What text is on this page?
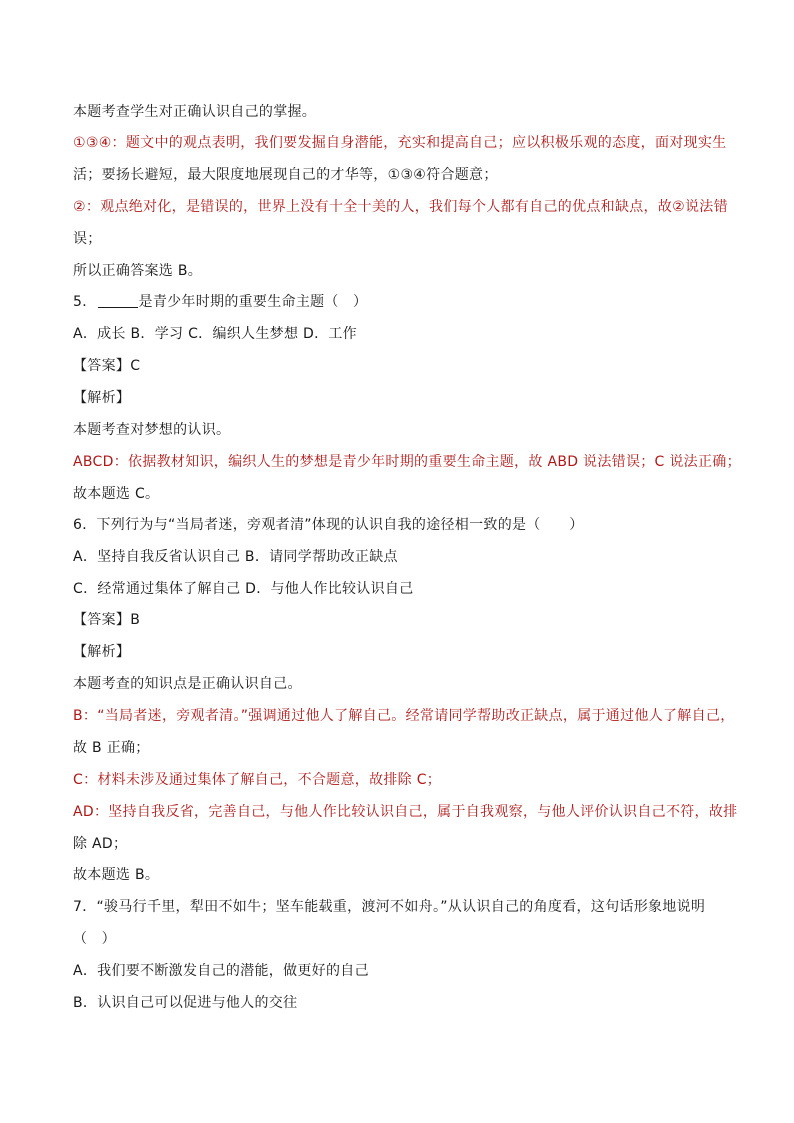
本题考查学生对正确认识自己的掌握。
①③④：题文中的观点表明，我们要发掘自身潜能，充实和提高自己；应以积极乐观的态度，面对现实生
活；要扬长避短，最大限度地展现自己的才华等，①③④符合题意；
②：观点绝对化，是错误的，世界上没有十全十美的人，我们每个人都有自己的优点和缺点，故②说法错
误；
所以正确答案选 B。
5．	是青少年时期的重要生命主题（　）
A．成长 B．学习 C．编织人生梦想 D．工作
【答案】C
【解析】
本题考查对梦想的认识。
ABCD：依据教材知识，编织人生的梦想是青少年时期的重要生命主题，故 ABD 说法错误；C 说法正确；
故本题选 C。
6．下列行为与“当局者迷，旁观者清”体现的认识自我的途径相一致的是（　　）
A．坚持自我反省认识自己 B．请同学帮助改正缺点
C．经常通过集体了解自己 D．与他人作比较认识自己
【答案】B
【解析】
本题考查的知识点是正确认识自己。
B：“当局者迷，旁观者清。”强调通过他人了解自己。经常请同学帮助改正缺点，属于通过他人了解自己，
故 B 正确；
C：材料未涉及通过集体了解自己，不合题意，故排除 C；
AD：坚持自我反省，完善自己，与他人作比较认识自己，属于自我观察，与他人评价认识自己不符，故排
除 AD；
故本题选 B。
7．“骏马行千里，犁田不如牛；坚车能载重，渡河不如舟。”从认识自己的角度看，这句话形象地说明
（　）
A．我们要不断激发自己的潜能，做更好的自己
B．认识自己可以促进与他人的交往
